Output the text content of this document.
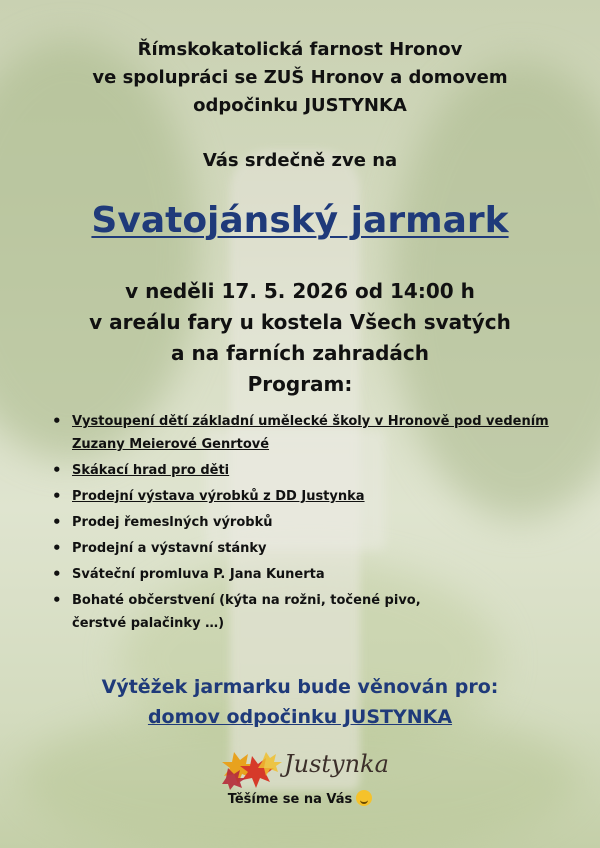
Římskokatolická farnost Hronov
ve spolupráci se ZUŠ Hronov a domovem
odpočinku JUSTYNKA
Vás srdečně zve na
Svatojánský jarmark
v neděli 17. 5. 2026 od 14:00 h
v areálu fary u kostela Všech svatých
a na farních zahradách
Program:
• Vystoupení dětí základní umělecké školy v Hronově pod vedením
Zuzany Meierové Genrtové
• Skákací hrad pro děti
• Prodejní výstava výrobků z DD Justynka
• Prodej řemeslných výrobků
• Prodejní a výstavní stánky
• Sváteční promluva P. Jana Kunerta
• Bohaté občerstvení (kýta na rožni, točené pivo,
čerstvé palačinky …)
Výtěžek jarmarku bude věnován pro:
domov odpočinku JUSTYNKA
Justynka
Těšíme se na Vás
